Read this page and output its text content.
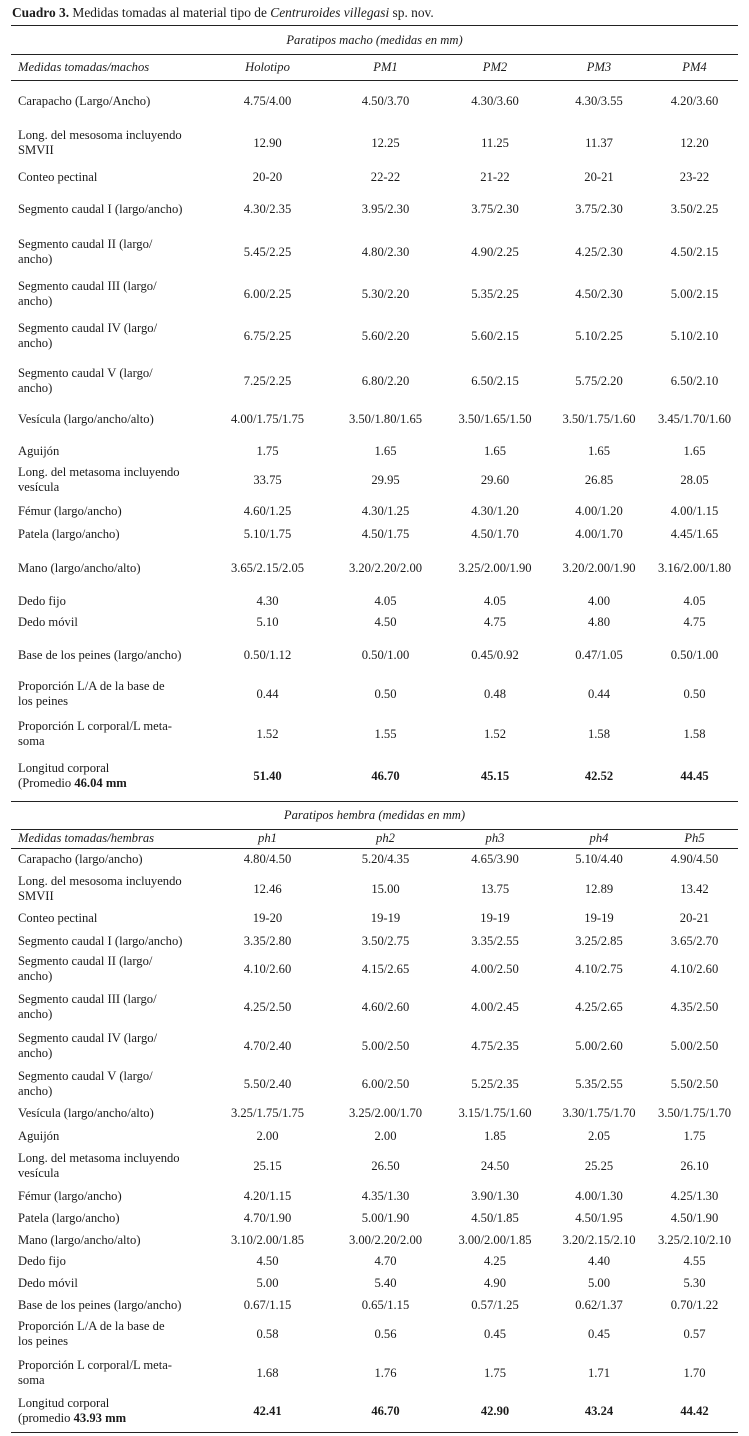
Cuadro 3. Medidas tomadas al material tipo de Centruroides villegasi sp. nov.
Paratipos macho (medidas en mm)
Medidas tomadas/machos	Holotipo	PM1	PM2	PM3	PM4
Carapacho (Largo/Ancho)	4.75/4.00	4.50/3.70	4.30/3.60	4.30/3.55	4.20/3.60
Long. del mesosoma incluyendo
SMVII
12.90	12.25	11.25	11.37	12.20
Conteo pectinal	20-20	22-22	21-22	20-21	23-22
Segmento caudal I (largo/ancho)	4.30/2.35	3.95/2.30	3.75/2.30	3.75/2.30	3.50/2.25
Segmento caudal II (largo/
ancho)
5.45/2.25	4.80/2.30	4.90/2.25	4.25/2.30	4.50/2.15
Segmento caudal III (largo/
ancho)
6.00/2.25	5.30/2.20	5.35/2.25	4.50/2.30	5.00/2.15
Segmento caudal IV (largo/
ancho)
6.75/2.25	5.60/2.20	5.60/2.15	5.10/2.25	5.10/2.10
Segmento caudal V (largo/
ancho)
7.25/2.25	6.80/2.20	6.50/2.15	5.75/2.20	6.50/2.10
Vesícula (largo/ancho/alto)	4.00/1.75/1.75	3.50/1.80/1.65	3.50/1.65/1.50	3.50/1.75/1.60	3.45/1.70/1.60
Aguijón	1.75	1.65	1.65	1.65	1.65
Long. del metasoma incluyendo
vesícula
33.75	29.95	29.60	26.85	28.05
Fémur (largo/ancho)	4.60/1.25	4.30/1.25	4.30/1.20	4.00/1.20	4.00/1.15
Patela (largo/ancho)	5.10/1.75	4.50/1.75	4.50/1.70	4.00/1.70	4.45/1.65
Mano (largo/ancho/alto)	3.65/2.15/2.05	3.20/2.20/2.00	3.25/2.00/1.90	3.20/2.00/1.90	3.16/2.00/1.80
Dedo fijo	4.30	4.05	4.05	4.00	4.05
Dedo móvil	5.10	4.50	4.75	4.80	4.75
Base de los peines (largo/ancho)	0.50/1.12	0.50/1.00	0.45/0.92	0.47/1.05	0.50/1.00
Proporción L/A de la base de
los peines
0.44	0.50	0.48	0.44	0.50
Proporción L corporal/L meta-
soma
1.52	1.55	1.52	1.58	1.58
Longitud corporal
(Promedio 46.04 mm
51.40	46.70	45.15	42.52	44.45
Paratipos hembra (medidas en mm)
Medidas tomadas/hembras	ph1	ph2	ph3	ph4	Ph5
Carapacho (largo/ancho)	4.80/4.50	5.20/4.35	4.65/3.90	5.10/4.40	4.90/4.50
Long. del mesosoma incluyendo
SMVII
12.46	15.00	13.75	12.89	13.42
Conteo pectinal	19-20	19-19	19-19	19-19	20-21
Segmento caudal I (largo/ancho)	3.35/2.80	3.50/2.75	3.35/2.55	3.25/2.85	3.65/2.70
Segmento caudal II (largo/
ancho)
4.10/2.60	4.15/2.65	4.00/2.50	4.10/2.75	4.10/2.60
Segmento caudal III (largo/
ancho)
4.25/2.50	4.60/2.60	4.00/2.45	4.25/2.65	4.35/2.50
Segmento caudal IV (largo/
ancho)
4.70/2.40	5.00/2.50	4.75/2.35	5.00/2.60	5.00/2.50
Segmento caudal V (largo/
ancho)
5.50/2.40	6.00/2.50	5.25/2.35	5.35/2.55	5.50/2.50
Vesícula (largo/ancho/alto)	3.25/1.75/1.75	3.25/2.00/1.70	3.15/1.75/1.60	3.30/1.75/1.70	3.50/1.75/1.70
Aguijón	2.00	2.00	1.85	2.05	1.75
Long. del metasoma incluyendo
vesícula
25.15	26.50	24.50	25.25	26.10
Fémur (largo/ancho)	4.20/1.15	4.35/1.30	3.90/1.30	4.00/1.30	4.25/1.30
Patela (largo/ancho)	4.70/1.90	5.00/1.90	4.50/1.85	4.50/1.95	4.50/1.90
Mano (largo/ancho/alto)	3.10/2.00/1.85	3.00/2.20/2.00	3.00/2.00/1.85	3.20/2.15/2.10	3.25/2.10/2.10
Dedo fijo	4.50	4.70	4.25	4.40	4.55
Dedo móvil	5.00	5.40	4.90	5.00	5.30
Base de los peines (largo/ancho)	0.67/1.15	0.65/1.15	0.57/1.25	0.62/1.37	0.70/1.22
Proporción L/A de la base de
los peines
0.58	0.56	0.45	0.45	0.57
Proporción L corporal/L meta-
soma
1.68	1.76	1.75	1.71	1.70
Longitud corporal
(promedio 43.93 mm
42.41	46.70	42.90	43.24	44.42
